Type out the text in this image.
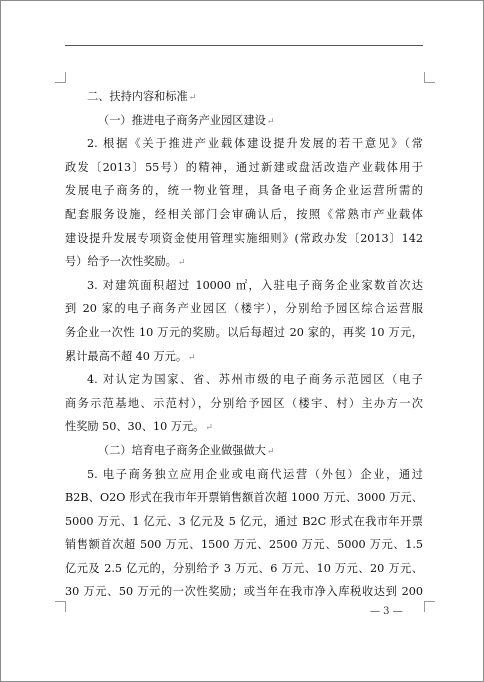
二、扶持内容和标准↵
（一）推进电子商务产业园区建设↵
2. 根据《关于推进产业载体建设提升发展的若干意见》（常
政发〔2013〕55号）的精神，通过新建或盘活改造产业载体用于
发展电子商务的，统一物业管理，具备电子商务企业运营所需的
配套服务设施，经相关部门会审确认后，按照《常熟市产业载体
建设提升发展专项资金使用管理实施细则》(常政办发〔2013〕142
号）给予一次性奖励。↵
3. 对建筑面积超过 10000 ㎡，入驻电子商务企业家数首次达
到 20 家的电子商务产业园区（楼宇），分别给予园区综合运营服
务企业一次性 10 万元的奖励。以后每超过 20 家的，再奖 10 万元，
累计最高不超 40 万元。↵
4. 对认定为国家、省、苏州市级的电子商务示范园区（电子
商务示范基地、示范村），分别给予园区（楼宇、村）主办方一次
性奖励 50、30、10 万元。↵
（二）培育电子商务企业做强做大↵
5. 电子商务独立应用企业或电商代运营（外包）企业，通过
B2B、O2O 形式在我市年开票销售额首次超 1000 万元、3000 万元、
5000 万元、1 亿元、3 亿元及 5 亿元，通过 B2C 形式在我市年开票
销售额首次超 500 万元、1500 万元、2500 万元、5000 万元、1.5
亿元及 2.5 亿元的，分别给予 3 万元、6 万元、10 万元、20 万元、
30 万元、50 万元的一次性奖励；或当年在我市净入库税收达到 200
— 3 —
